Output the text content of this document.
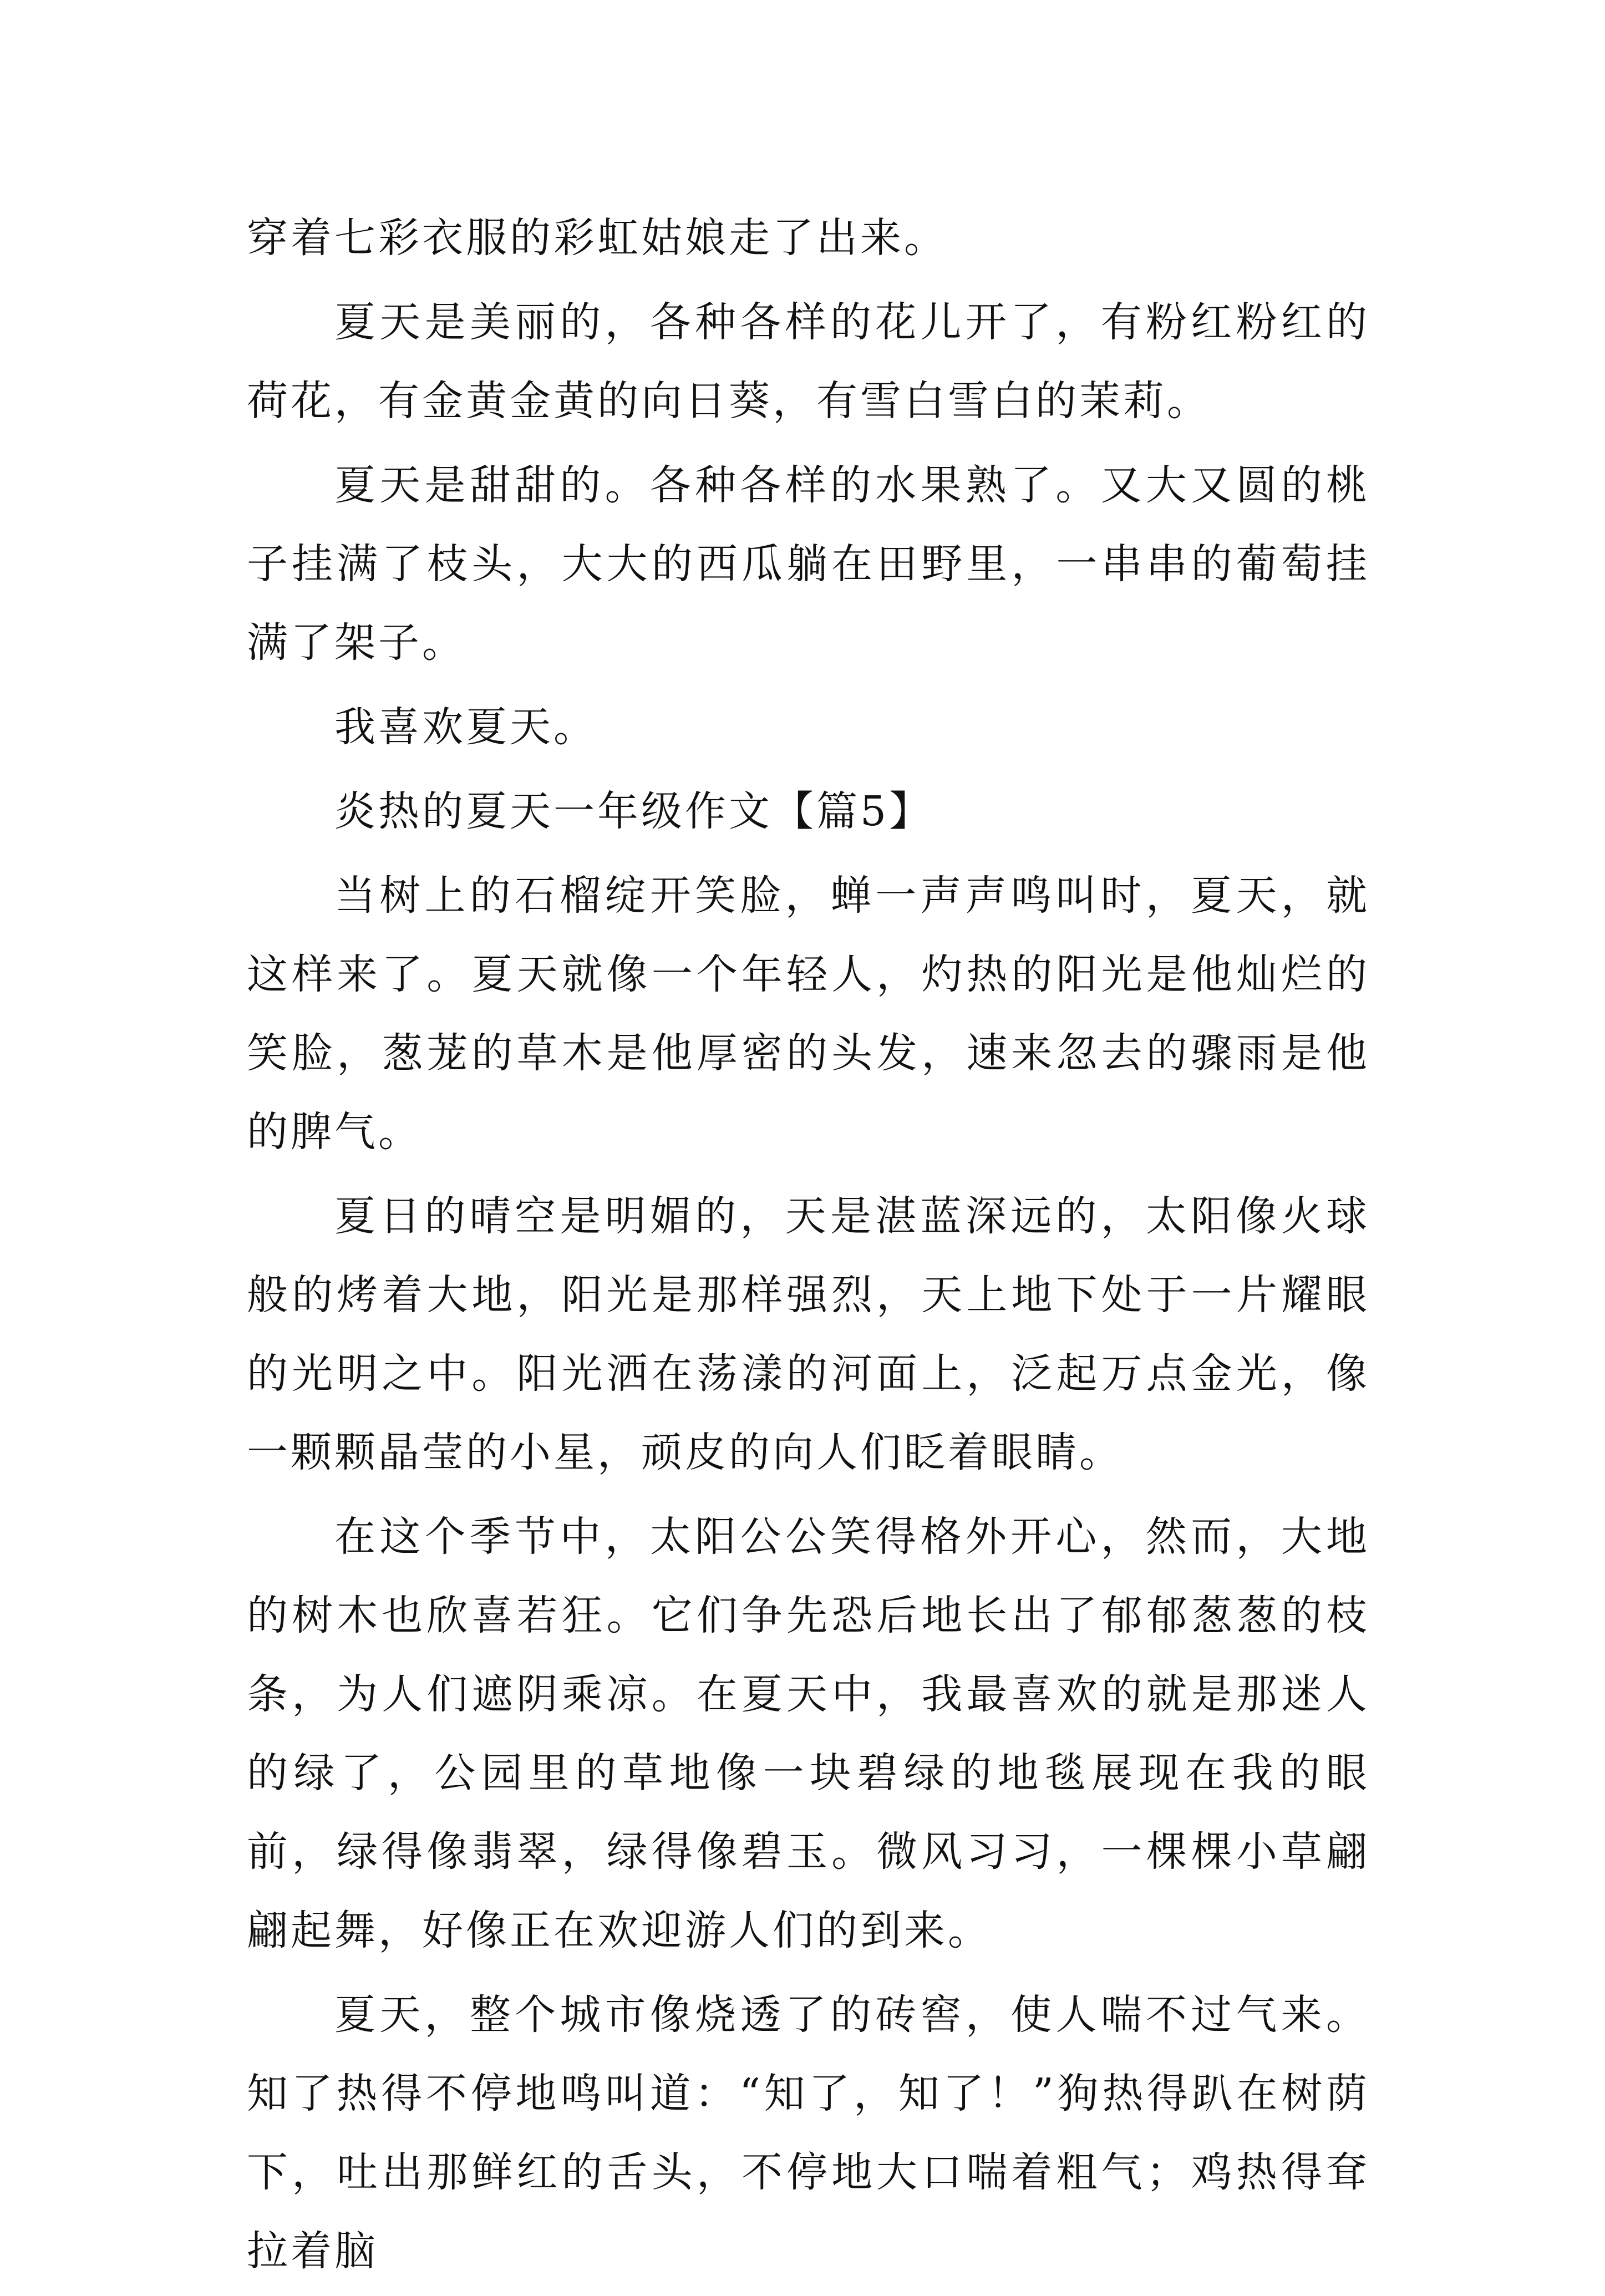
穿着七彩衣服的彩虹姑娘走了出来。

夏天是美丽的，各种各样的花儿开了，有粉红粉红的荷花，有金黄金黄的向日葵，有雪白雪白的茉莉。

夏天是甜甜的。各种各样的水果熟了。又大又圆的桃子挂满了枝头，大大的西瓜躺在田野里，一串串的葡萄挂满了架子。

我喜欢夏天。

炎热的夏天一年级作文【篇5】

当树上的石榴绽开笑脸，蝉一声声鸣叫时，夏天，就这样来了。夏天就像一个年轻人，灼热的阳光是他灿烂的笑脸，葱茏的草木是他厚密的头发，速来忽去的骤雨是他的脾气。

夏日的晴空是明媚的，天是湛蓝深远的，太阳像火球般的烤着大地，阳光是那样强烈，天上地下处于一片耀眼的光明之中。阳光洒在荡漾的河面上，泛起万点金光，像一颗颗晶莹的小星，顽皮的向人们眨着眼睛。

在这个季节中，太阳公公笑得格外开心，然而，大地的树木也欣喜若狂。它们争先恐后地长出了郁郁葱葱的枝条，为人们遮阴乘凉。在夏天中，我最喜欢的就是那迷人的绿了，公园里的草地像一块碧绿的地毯展现在我的眼前，绿得像翡翠，绿得像碧玉。微风习习，一棵棵小草翩翩起舞，好像正在欢迎游人们的到来。

夏天，整个城市像烧透了的砖窖，使人喘不过气来。知了热得不停地鸣叫道：“知了，知了！”狗热得趴在树荫下，吐出那鲜红的舌头，不停地大口喘着粗气；鸡热得耷拉着脑
